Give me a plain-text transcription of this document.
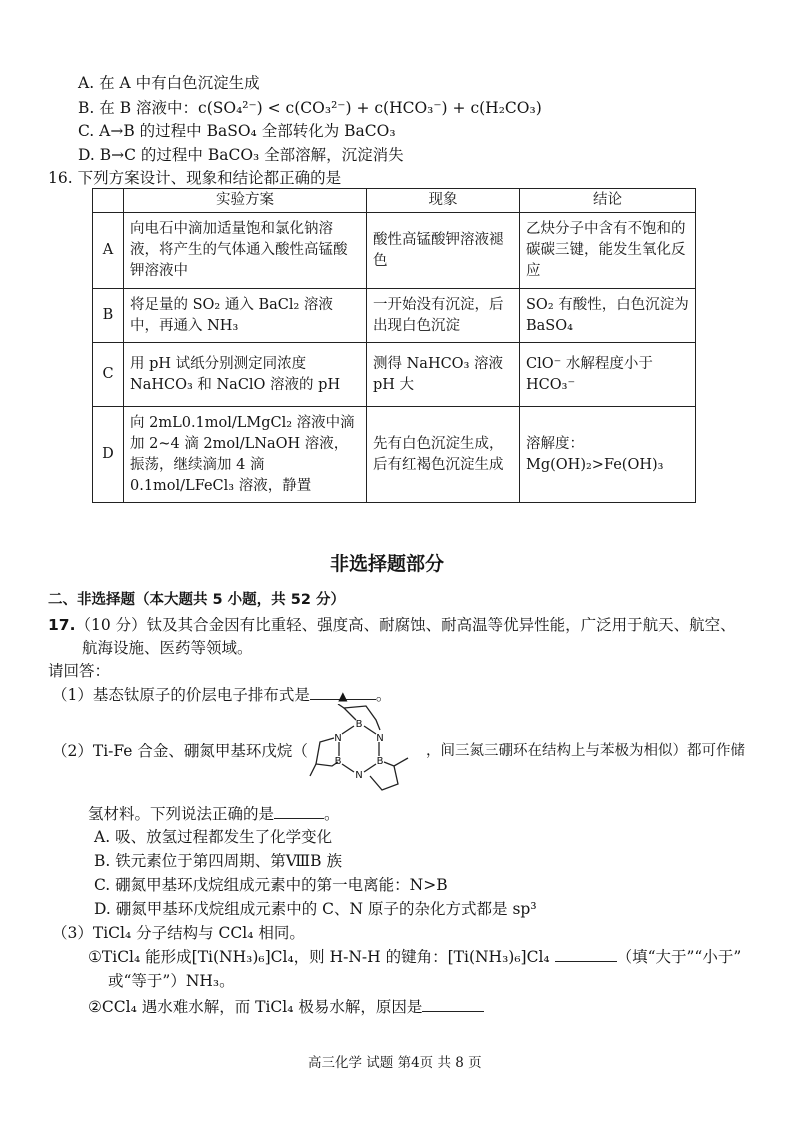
A. 在 A 中有白色沉淀生成
B. 在 B 溶液中：c(SO₄²⁻) < c(CO₃²⁻) + c(HCO₃⁻) + c(H₂CO₃)
C. A→B 的过程中 BaSO₄ 全部转化为 BaCO₃
D. B→C 的过程中 BaCO₃ 全部溶解，沉淀消失
16. 下列方案设计、现象和结论都正确的是
	实验方案	现象	结论
A	向电石中滴加适量饱和氯化钠溶液，将产生的气体通入酸性高锰酸钾溶液中	酸性高锰酸钾溶液褪色	乙炔分子中含有不饱和的碳碳三键，能发生氧化反应
B	将足量的 SO₂ 通入 BaCl₂ 溶液中，再通入 NH₃	一开始没有沉淀，后出现白色沉淀	SO₂ 有酸性，白色沉淀为 BaSO₄
C	用 pH 试纸分别测定同浓度 NaHCO₃ 和 NaClO 溶液的 pH	测得 NaHCO₃ 溶液 pH 大	ClO⁻ 水解程度小于 HCO₃⁻
D	向 2mL0.1mol/LMgCl₂ 溶液中滴加 2~4 滴 2mol/LNaOH 溶液，振荡，继续滴加 4 滴 0.1mol/LFeCl₃ 溶液，静置	先有白色沉淀生成，后有红褐色沉淀生成	溶解度：Mg(OH)₂>Fe(OH)₃
非选择题部分
二、非选择题（本大题共 5 小题，共 52 分）
17.（10 分）钛及其合金因有比重轻、强度高、耐腐蚀、耐高温等优异性能，广泛用于航天、航空、
航海设施、医药等领域。
请回答：
（1）基态钛原子的价层电子排布式是 ▲ 。
（2）Ti-Fe 合金、硼氮甲基环戊烷（
B
N
B
N
B
N
，间三氮三硼环在结构上与苯极为相似）都可作储
氢材料。下列说法正确的是	。
A. 吸、放氢过程都发生了化学变化
B. 铁元素位于第四周期、第ⅧB 族
C. 硼氮甲基环戊烷组成元素中的第一电离能：N>B
D. 硼氮甲基环戊烷组成元素中的 C、N 原子的杂化方式都是 sp³
（3）TiCl₄ 分子结构与 CCl₄ 相同。
①TiCl₄ 能形成[Ti(NH₃)₆]Cl₄，则 H-N-H 的键角：[Ti(NH₃)₆]Cl₄	（填“大于”“小于”
或“等于”）NH₃。
②CCl₄ 遇水难水解，而 TiCl₄ 极易水解，原因是
高三化学 试题 第4页 共 8 页
